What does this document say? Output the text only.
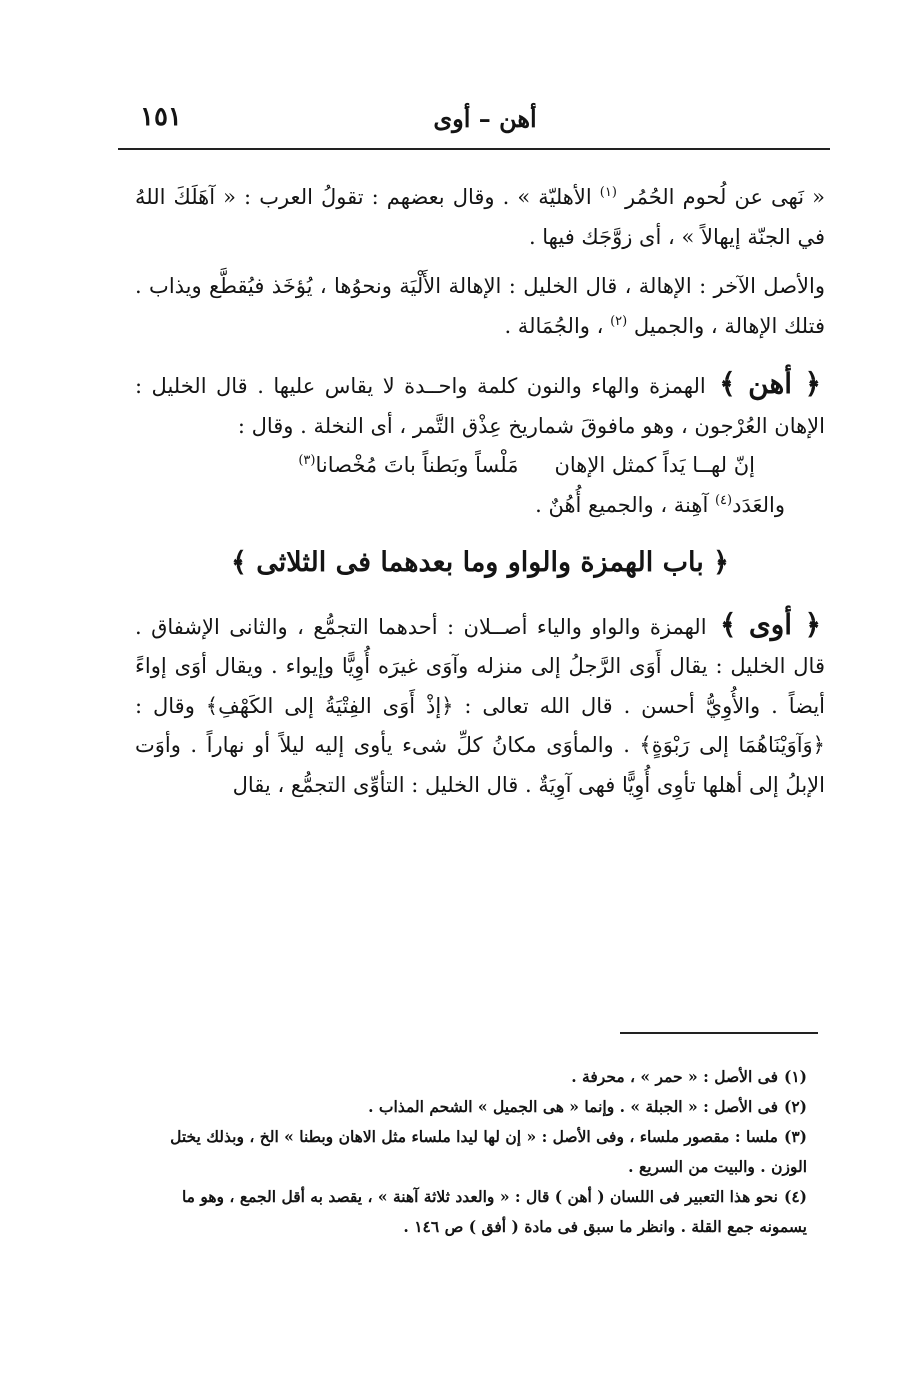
١٥١	أهن – أوى

« نَهى عن لُحوم الحُمُر $^{(١)}$ الأهليّة » . وقال بعضهم : تقولُ العرب : « آهَلَكَ اللهُ في الجنّة إيهالاً » ، أى زوَّجَك فيها .

والأصل الآخر : الإهالة ، قال الخليل : الإهالة الأَلْيَة ونحوُها ، يُؤخَذ فيُقطَّع ويذاب . فتلك الإهالة ، والجميل $^{(٢)}$ ، والجُمَالة .

﴿ أهن ﴾ الهمزة والهاء والنون كلمة واحــدة لا يقاس عليها . قال الخليل : الإهان العُرْجون ، وهو مافوقَ شماريخ عِذْق التَّمر ، أى النخلة . وقال :

إنّ لهــا يَداً كمثل الإهانمَلْساً وبَطناً باتَ مُخْصانا$^{(٣)}$

والعَدَد$^{(٤)}$ آهِنة ، والجميع أُهُنٌ .

﴿ باب الهمزة والواو وما بعدهما فى الثلاثى ﴾

﴿ أوى ﴾ الهمزة والواو والياء أصــلان : أحدهما التجمُّع ، والثانى الإشفاق . قال الخليل : يقال أَوَى الرَّجلُ إلى منزله وآوَى غيرَه أُوِيًّا وإيواء . ويقال أوَى إواءً أيضاً . والأُوِيُّ أحسن . قال الله تعالى : ﴿إذْ أَوَى الفِتْيَةُ إلى الكَهْفِ﴾ وقال : ﴿وَآوَيْنَاهُمَا إلى رَبْوَةٍ﴾ . والمأوَى مكانُ كلِّ شىء يأوى إليه ليلاً أو نهاراً . وأوَت الإبلُ إلى أهلها تأوِى أُوِيًّا فهى آوِيَةٌ . قال الخليل : التأوِّى التجمُّع ، يقال

(١)فى الأصل : « حمر » ، محرفة .

(٢)فى الأصل : « الجبلة » . وإنما « هى الجميل » الشحم المذاب .

(٣)ملسا : مقصور ملساء ، وفى الأصل : « إن لها ليدا ملساء مثل الاهان وبطنا » الخ ، وبذلك يختل الوزن . والبيت من السريع .

(٤)نحو هذا التعبير فى اللسان ( أهن ) قال : « والعدد ثلاثة آهنة » ، يقصد به أقل الجمع ، وهو ما يسمونه جمع القلة . وانظر ما سبق فى مادة ( أفق ) ص ١٤٦ .
